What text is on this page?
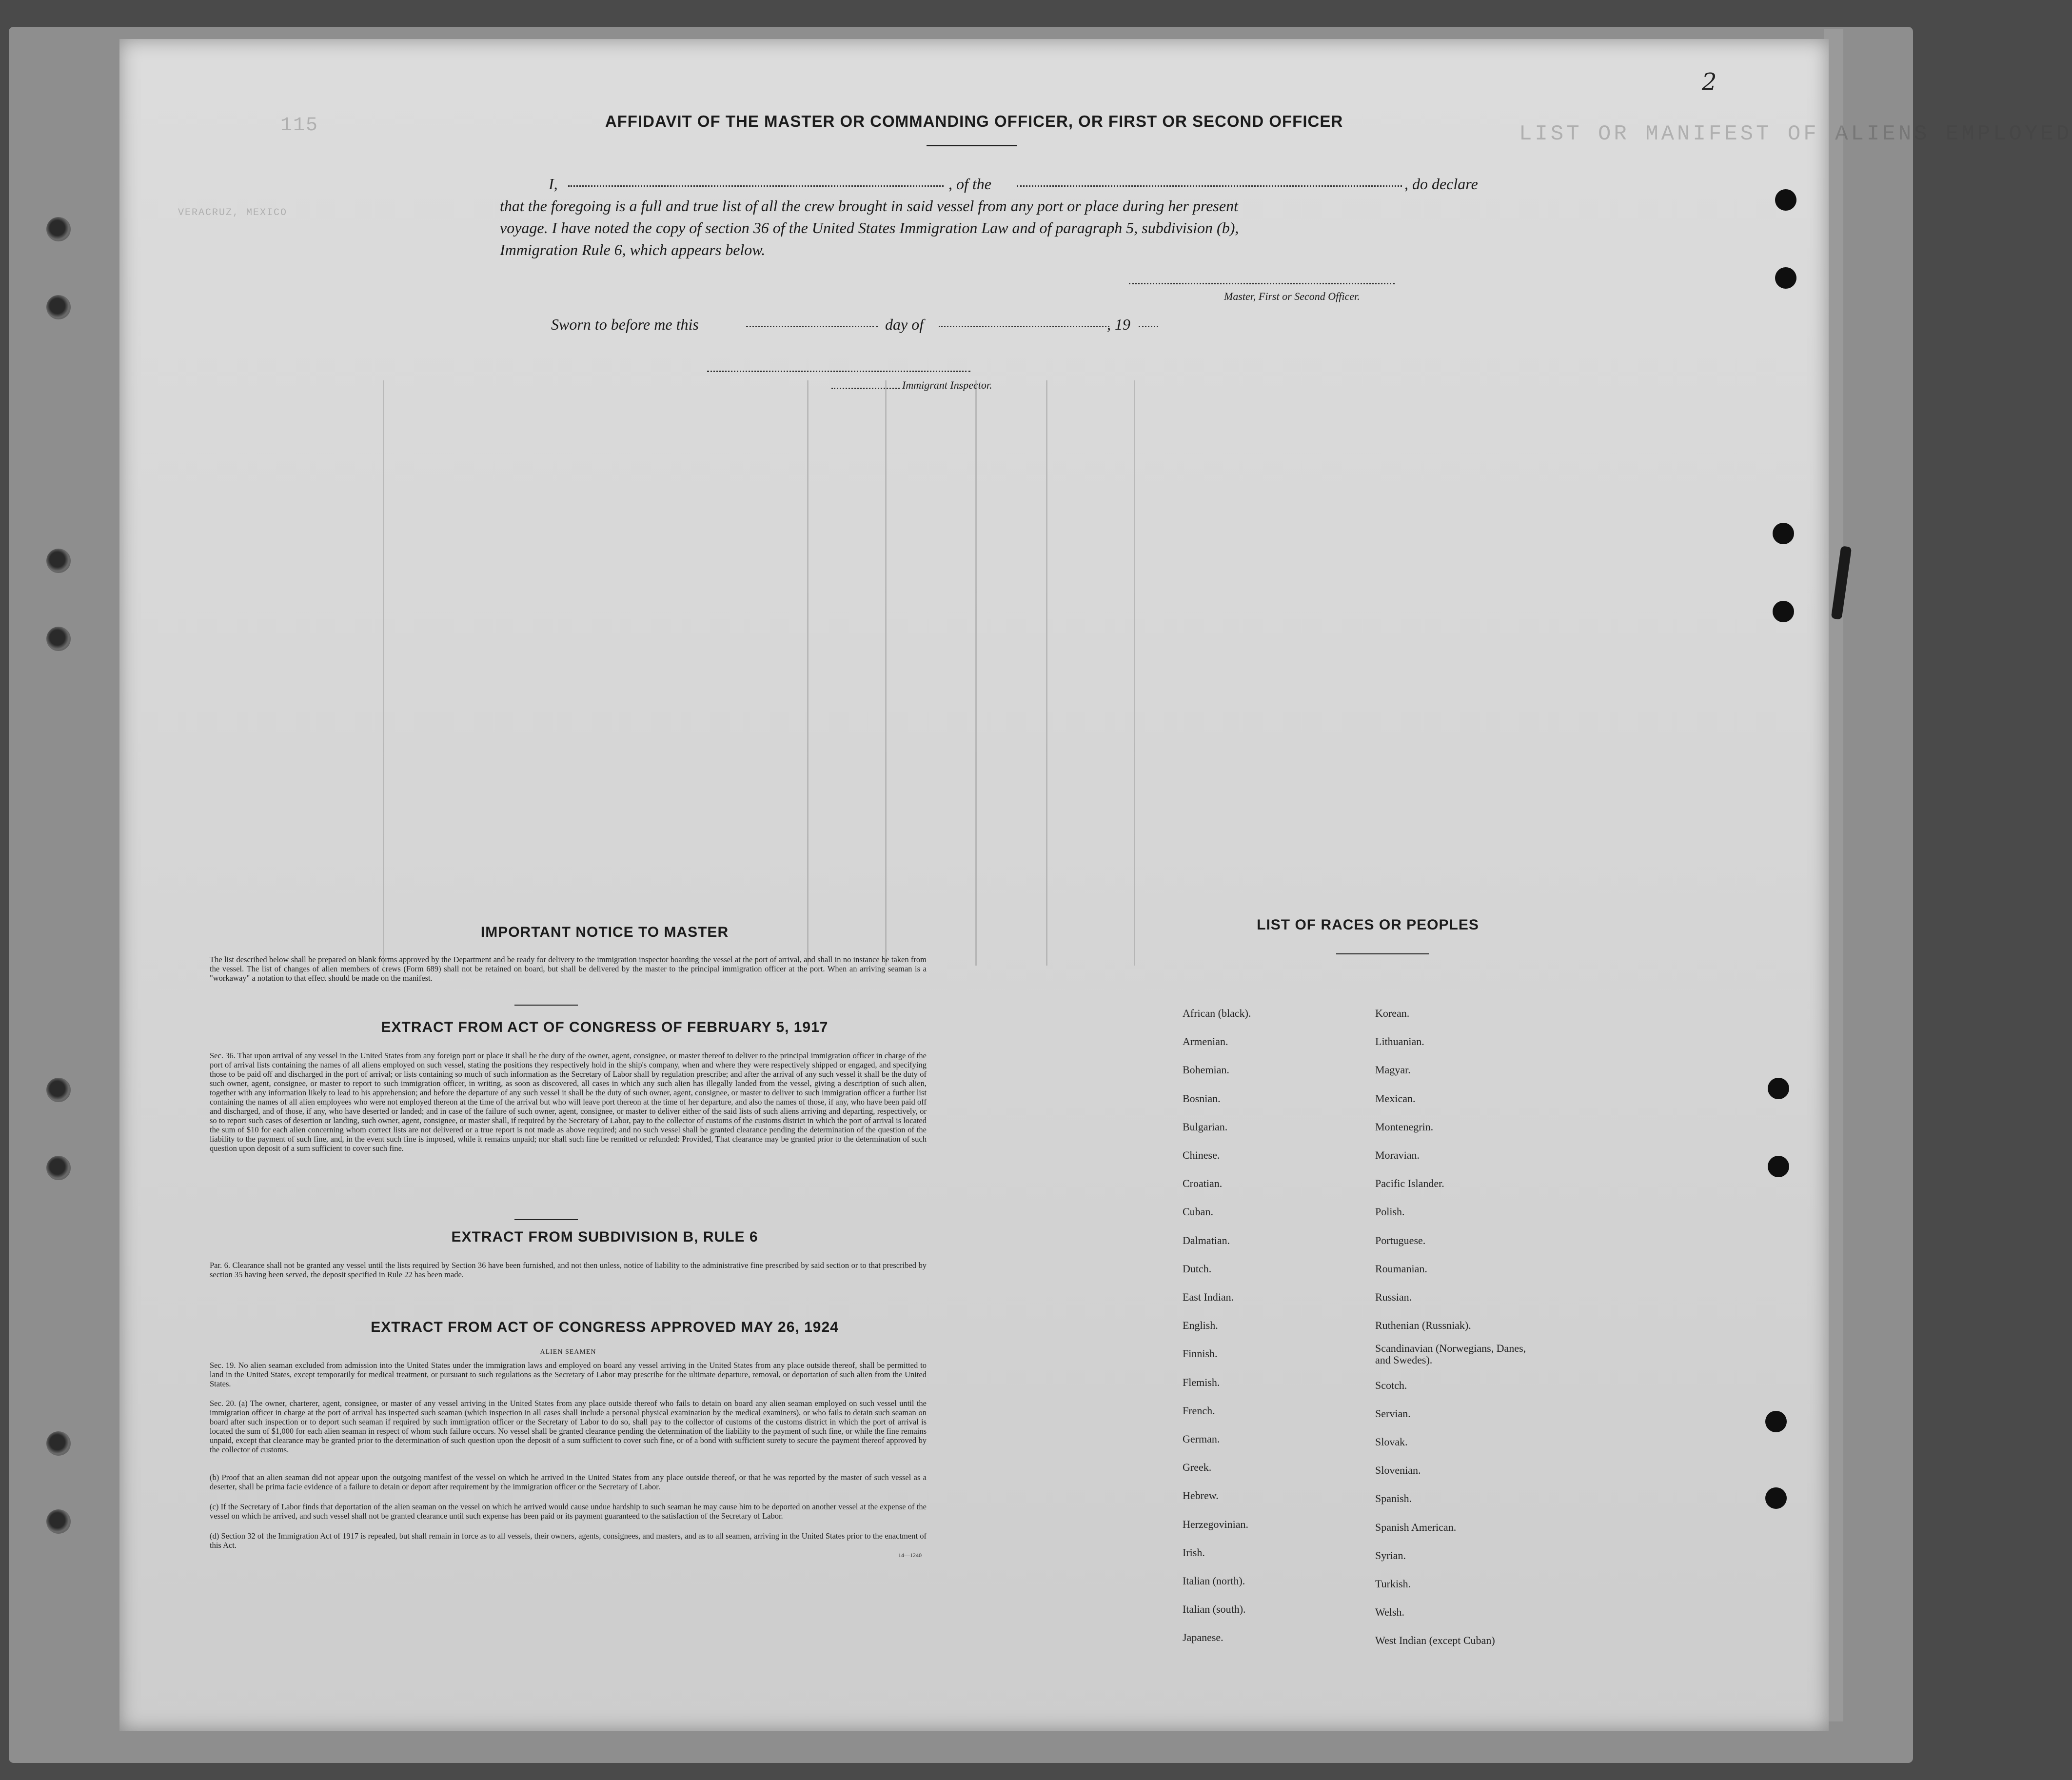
115	LIST OR MANIFEST OF ALIENS EMPLOYED
VERACRUZ, MEXICO
AFFIDAVIT OF THE MASTER OR COMMANDING OFFICER, OR FIRST OR SECOND OFFICER
I,	, of the	, do declare
that the foregoing is a full and true list of all the crew brought in said vessel from any port or place during her present
voyage. I have noted the copy of section 36 of the United States Immigration Law and of paragraph 5, subdivision (b),
Immigration Rule 6, which appears below.
Master, First or Second Officer.
Sworn to before me this	day of	, 19
Immigrant Inspector.
IMPORTANT NOTICE TO MASTER
The list described below shall be prepared on blank forms approved by the Department and be ready for delivery to the immigration inspector boarding the vessel at the port of arrival, and shall in no instance be taken from the vessel. The list of changes of alien members of crews (Form 689) shall not be retained on board, but shall be delivered by the master to the principal immigration officer at the port. When an arriving seaman is a "workaway" a notation to that effect should be made on the manifest.
EXTRACT FROM ACT OF CONGRESS OF FEBRUARY 5, 1917
Sec. 36. That upon arrival of any vessel in the United States from any foreign port or place it shall be the duty of the owner, agent, consignee, or master thereof to deliver to the principal immigration officer in charge of the port of arrival lists containing the names of all aliens employed on such vessel, stating the positions they respectively hold in the ship's company, when and where they were respectively shipped or engaged, and specifying those to be paid off and discharged in the port of arrival; or lists containing so much of such information as the Secretary of Labor shall by regulation prescribe; and after the arrival of any such vessel it shall be the duty of such owner, agent, consignee, or master to report to such immigration officer, in writing, as soon as discovered, all cases in which any such alien has illegally landed from the vessel, giving a description of such alien, together with any information likely to lead to his apprehension; and before the departure of any such vessel it shall be the duty of such owner, agent, consignee, or master to deliver to such immigration officer a further list containing the names of all alien employees who were not employed thereon at the time of the arrival but who will leave port thereon at the time of her departure, and also the names of those, if any, who have been paid off and discharged, and of those, if any, who have deserted or landed; and in case of the failure of such owner, agent, consignee, or master to deliver either of the said lists of such aliens arriving and departing, respectively, or so to report such cases of desertion or landing, such owner, agent, consignee, or master shall, if required by the Secretary of Labor, pay to the collector of customs of the customs district in which the port of arrival is located the sum of $10 for each alien concerning whom correct lists are not delivered or a true report is not made as above required; and no such vessel shall be granted clearance pending the determination of the question of the liability to the payment of such fine, and, in the event such fine is imposed, while it remains unpaid; nor shall such fine be remitted or refunded: Provided, That clearance may be granted prior to the determination of such question upon deposit of a sum sufficient to cover such fine.
EXTRACT FROM SUBDIVISION B, RULE 6
Par. 6. Clearance shall not be granted any vessel until the lists required by Section 36 have been furnished, and not then unless, notice of liability to the administrative fine prescribed by said section or to that prescribed by section 35 having been served, the deposit specified in Rule 22 has been made.
EXTRACT FROM ACT OF CONGRESS APPROVED MAY 26, 1924
ALIEN SEAMEN
Sec. 19. No alien seaman excluded from admission into the United States under the immigration laws and employed on board any vessel arriving in the United States from any place outside thereof, shall be permitted to land in the United States, except temporarily for medical treatment, or pursuant to such regulations as the Secretary of Labor may prescribe for the ultimate departure, removal, or deportation of such alien from the United States.
Sec. 20. (a) The owner, charterer, agent, consignee, or master of any vessel arriving in the United States from any place outside thereof who fails to detain on board any alien seaman employed on such vessel until the immigration officer in charge at the port of arrival has inspected such seaman (which inspection in all cases shall include a personal physical examination by the medical examiners), or who fails to detain such seaman on board after such inspection or to deport such seaman if required by such immigration officer or the Secretary of Labor to do so, shall pay to the collector of customs of the customs district in which the port of arrival is located the sum of $1,000 for each alien seaman in respect of whom such failure occurs. No vessel shall be granted clearance pending the determination of the liability to the payment of such fine, or while the fine remains unpaid, except that clearance may be granted prior to the determination of such question upon the deposit of a sum sufficient to cover such fine, or of a bond with sufficient surety to secure the payment thereof approved by the collector of customs.
(b) Proof that an alien seaman did not appear upon the outgoing manifest of the vessel on which he arrived in the United States from any place outside thereof, or that he was reported by the master of such vessel as a deserter, shall be prima facie evidence of a failure to detain or deport after requirement by the immigration officer or the Secretary of Labor.
(c) If the Secretary of Labor finds that deportation of the alien seaman on the vessel on which he arrived would cause undue hardship to such seaman he may cause him to be deported on another vessel at the expense of the vessel on which he arrived, and such vessel shall not be granted clearance until such expense has been paid or its payment guaranteed to the satisfaction of the Secretary of Labor.
(d) Section 32 of the Immigration Act of 1917 is repealed, but shall remain in force as to all vessels, their owners, agents, consignees, and masters, and as to all seamen, arriving in the United States prior to the enactment of this Act.
14—1240
LIST OF RACES OR PEOPLES
African (black).
Armenian.
Bohemian.
Bosnian.
Bulgarian.
Chinese.
Croatian.
Cuban.
Dalmatian.
Dutch.
East Indian.
English.
Finnish.
Flemish.
French.
German.
Greek.
Hebrew.
Herzegovinian.
Irish.
Italian (north).
Italian (south).
Japanese.
Korean.
Lithuanian.
Magyar.
Mexican.
Montenegrin.
Moravian.
Pacific Islander.
Polish.
Portuguese.
Roumanian.
Russian.
Ruthenian (Russniak).
Scandinavian (Norwegians, Danes, and Swedes).
Scotch.
Servian.
Slovak.
Slovenian.
Spanish.
Spanish American.
Syrian.
Turkish.
Welsh.
West Indian (except Cuban)
2
